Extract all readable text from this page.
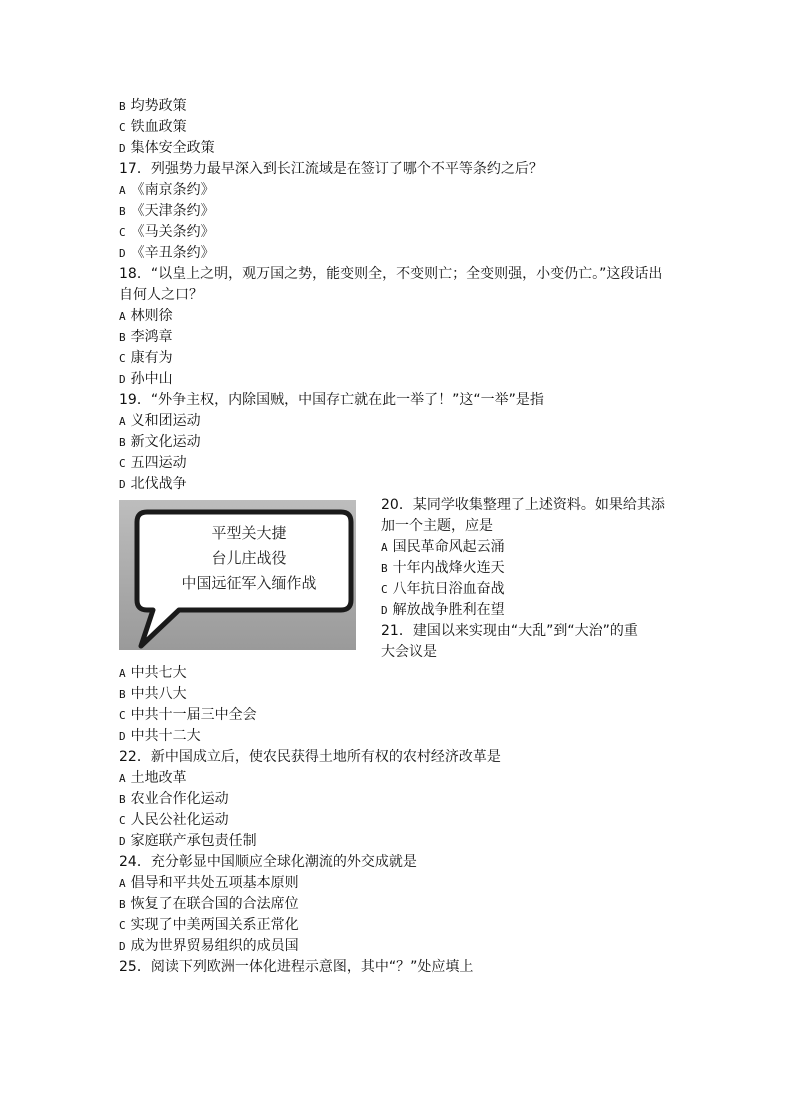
B 均势政策
C 铁血政策
D 集体安全政策
17．列强势力最早深入到长江流域是在签订了哪个不平等条约之后？
A 《南京条约》
B 《天津条约》
C 《马关条约》
D 《辛丑条约》
18．“以皇上之明，观万国之势，能变则全，不变则亡；全变则强，小变仍亡。”这段话出
自何人之口？
A 林则徐
B 李鸿章
C 康有为
D 孙中山
19．“外争主权，内除国贼，中国存亡就在此一举了！”这“一举”是指
A 义和团运动
B 新文化运动
C 五四运动
D 北伐战争
平型关大捷
台儿庄战役
中国远征军入缅作战
20．某同学收集整理了上述资料。如果给其添
加一个主题，应是
A 国民革命风起云涌
B 十年内战烽火连天
C 八年抗日浴血奋战
D 解放战争胜利在望
21．建国以来实现由“大乱”到“大治”的重
大会议是
A 中共七大
B 中共八大
C 中共十一届三中全会
D 中共十二大
22．新中国成立后，使农民获得土地所有权的农村经济改革是
A 土地改革
B 农业合作化运动
C 人民公社化运动
D 家庭联产承包责任制
24．充分彰显中国顺应全球化潮流的外交成就是
A 倡导和平共处五项基本原则
B 恢复了在联合国的合法席位
C 实现了中美两国关系正常化
D 成为世界贸易组织的成员国
25．阅读下列欧洲一体化进程示意图，其中“？”处应填上
